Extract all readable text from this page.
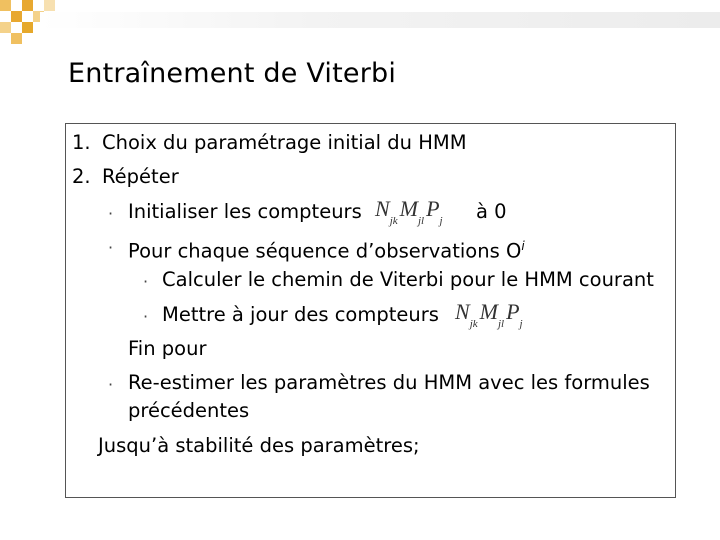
Entraînement de Viterbi
1. Choix du paramétrage initial du HMM
2. Répéter
· Initialiser les compteurs $N_{jk}M_{jl}P_j$ à 0
· Pour chaque séquence d’observations $O^i$
· Calculer le chemin de Viterbi pour le HMM courant
· Mettre à jour des compteurs $N_{jk}M_{jl}P_j$
Fin pour
· Re-estimer les paramètres du HMM avec les formules
précédentes
Jusqu’à stabilité des paramètres;
